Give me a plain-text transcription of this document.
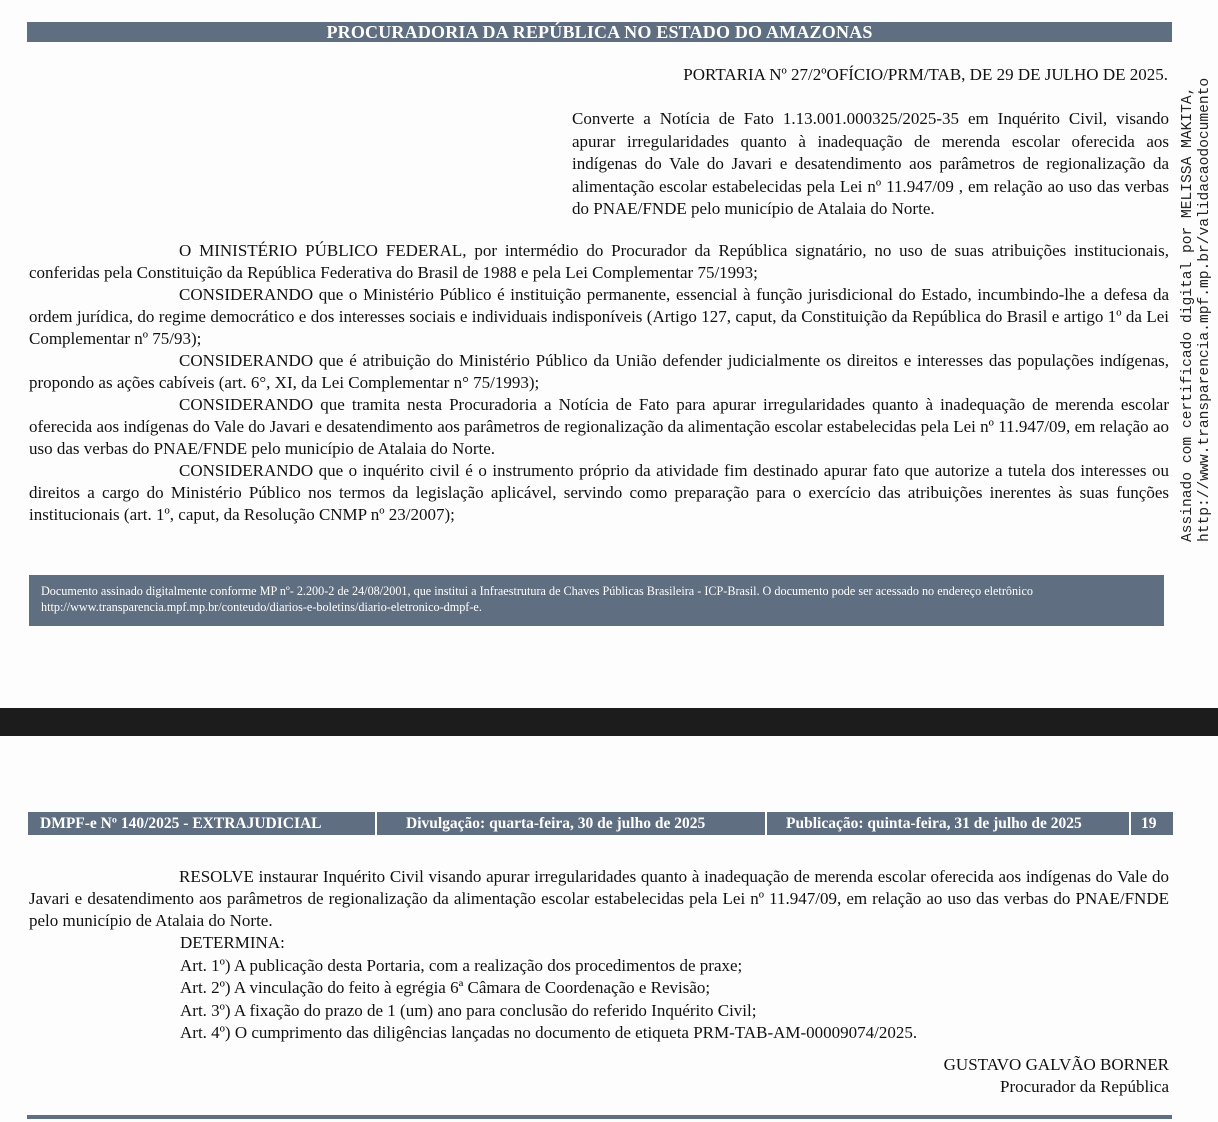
PROCURADORIA DA REPÚBLICA NO ESTADO DO AMAZONAS
PORTARIA Nº 27/2ºOFÍCIO/PRM/TAB, DE 29 DE JULHO DE 2025.
Converte a Notícia de Fato 1.13.001.000325/2025-35 em Inquérito Civil, visando apurar irregularidades quanto à inadequação de merenda escolar oferecida aos indígenas do Vale do Javari e desatendimento aos parâmetros de regionalização da alimentação escolar estabelecidas pela Lei nº 11.947/09 , em relação ao uso das verbas do PNAE/FNDE pelo município de Atalaia do Norte.

O MINISTÉRIO PÚBLICO FEDERAL, por intermédio do Procurador da República signatário, no uso de suas atribuições institucionais, conferidas pela Constituição da República Federativa do Brasil de 1988 e pela Lei Complementar 75/1993;

CONSIDERANDO que o Ministério Público é instituição permanente, essencial à função jurisdicional do Estado, incumbindo-lhe a defesa da ordem jurídica, do regime democrático e dos interesses sociais e individuais indisponíveis (Artigo 127, caput, da Constituição da República do Brasil e artigo 1º da Lei Complementar nº 75/93);

CONSIDERANDO que é atribuição do Ministério Público da União defender judicialmente os direitos e interesses das populações indígenas, propondo as ações cabíveis (art. 6°, XI, da Lei Complementar n° 75/1993);

CONSIDERANDO que tramita nesta Procuradoria a Notícia de Fato para apurar irregularidades quanto à inadequação de merenda escolar oferecida aos indígenas do Vale do Javari e desatendimento aos parâmetros de regionalização da alimentação escolar estabelecidas pela Lei nº 11.947/09, em relação ao uso das verbas do PNAE/FNDE pelo município de Atalaia do Norte.

CONSIDERANDO que o inquérito civil é o instrumento próprio da atividade fim destinado apurar fato que autorize a tutela dos interesses ou direitos a cargo do Ministério Público nos termos da legislação aplicável, servindo como preparação para o exercício das atribuições inerentes às suas funções institucionais (art. 1º, caput, da Resolução CNMP nº 23/2007);

Documento assinado digitalmente conforme MP nº- 2.200-2 de 24/08/2001, que institui a Infraestrutura de Chaves Públicas Brasileira - ICP-Brasil. O documento pode ser acessado no endereço eletrônico http://www.transparencia.mpf.mp.br/conteudo/diarios-e-boletins/diario-eletronico-dmpf-e.
Assinado com certificado digital por MELISSA MAKITA, http://www.transparencia.mpf.mp.br/validacaodocumento
DMPF-e Nº 140/2025 - EXTRAJUDICIAL	Divulgação: quarta-feira, 30 de julho de 2025	Publicação: quinta-feira, 31 de julho de 2025	19

RESOLVE instaurar Inquérito Civil visando apurar irregularidades quanto à inadequação de merenda escolar oferecida aos indígenas do Vale do Javari e desatendimento aos parâmetros de regionalização da alimentação escolar estabelecidas pela Lei nº 11.947/09, em relação ao uso das verbas do PNAE/FNDE pelo município de Atalaia do Norte.

DETERMINA:
Art. 1º) A publicação desta Portaria, com a realização dos procedimentos de praxe;
Art. 2º) A vinculação do feito à egrégia 6ª Câmara de Coordenação e Revisão;
Art. 3º) A fixação do prazo de 1 (um) ano para conclusão do referido Inquérito Civil;
Art. 4º) O cumprimento das diligências lançadas no documento de etiqueta PRM-TAB-AM-00009074/2025.
GUSTAVO GALVÃO BORNER
Procurador da República
